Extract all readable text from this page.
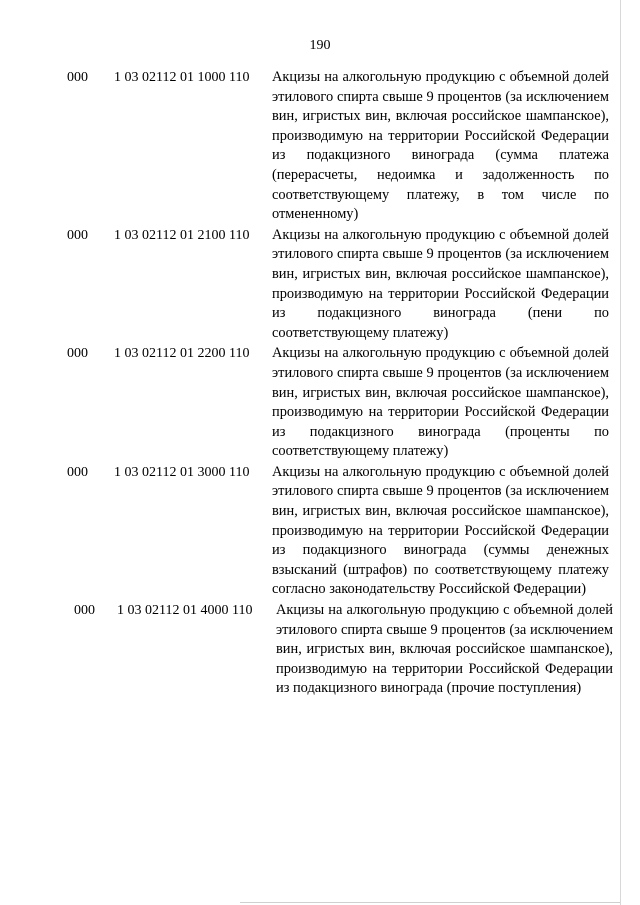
190
000 1 03 02112 01 1000 110 Акцизы на алкогольную продукцию с объемной долей этилового спирта свыше 9 процентов (за исключением вин, игристых вин, включая российское шампанское), производимую на территории Российской Федерации из подакцизного винограда (сумма платежа (перерасчеты, недоимка и задолженность по соответствующему платежу, в том числе по отмененному)
000 1 03 02112 01 2100 110 Акцизы на алкогольную продукцию с объемной долей этилового спирта свыше 9 процентов (за исключением вин, игристых вин, включая российское шампанское), производимую на территории Российской Федерации из подакцизного винограда (пени по соответствующему платежу)
000 1 03 02112 01 2200 110 Акцизы на алкогольную продукцию с объемной долей этилового спирта свыше 9 процентов (за исключением вин, игристых вин, включая российское шампанское), производимую на территории Российской Федерации из подакцизного винограда (проценты по соответствующему платежу)
000 1 03 02112 01 3000 110 Акцизы на алкогольную продукцию с объемной долей этилового спирта свыше 9 процентов (за исключением вин, игристых вин, включая российское шампанское), производимую на территории Российской Федерации из подакцизного винограда (суммы денежных взысканий (штрафов) по соответствующему платежу согласно законодательству Российской Федерации)
000 1 03 02112 01 4000 110 Акцизы на алкогольную продукцию с объемной долей этилового спирта свыше 9 процентов (за исключением вин, игристых вин, включая российское шампанское), производимую на территории Российской Федерации из подакцизного винограда (прочие поступления)
